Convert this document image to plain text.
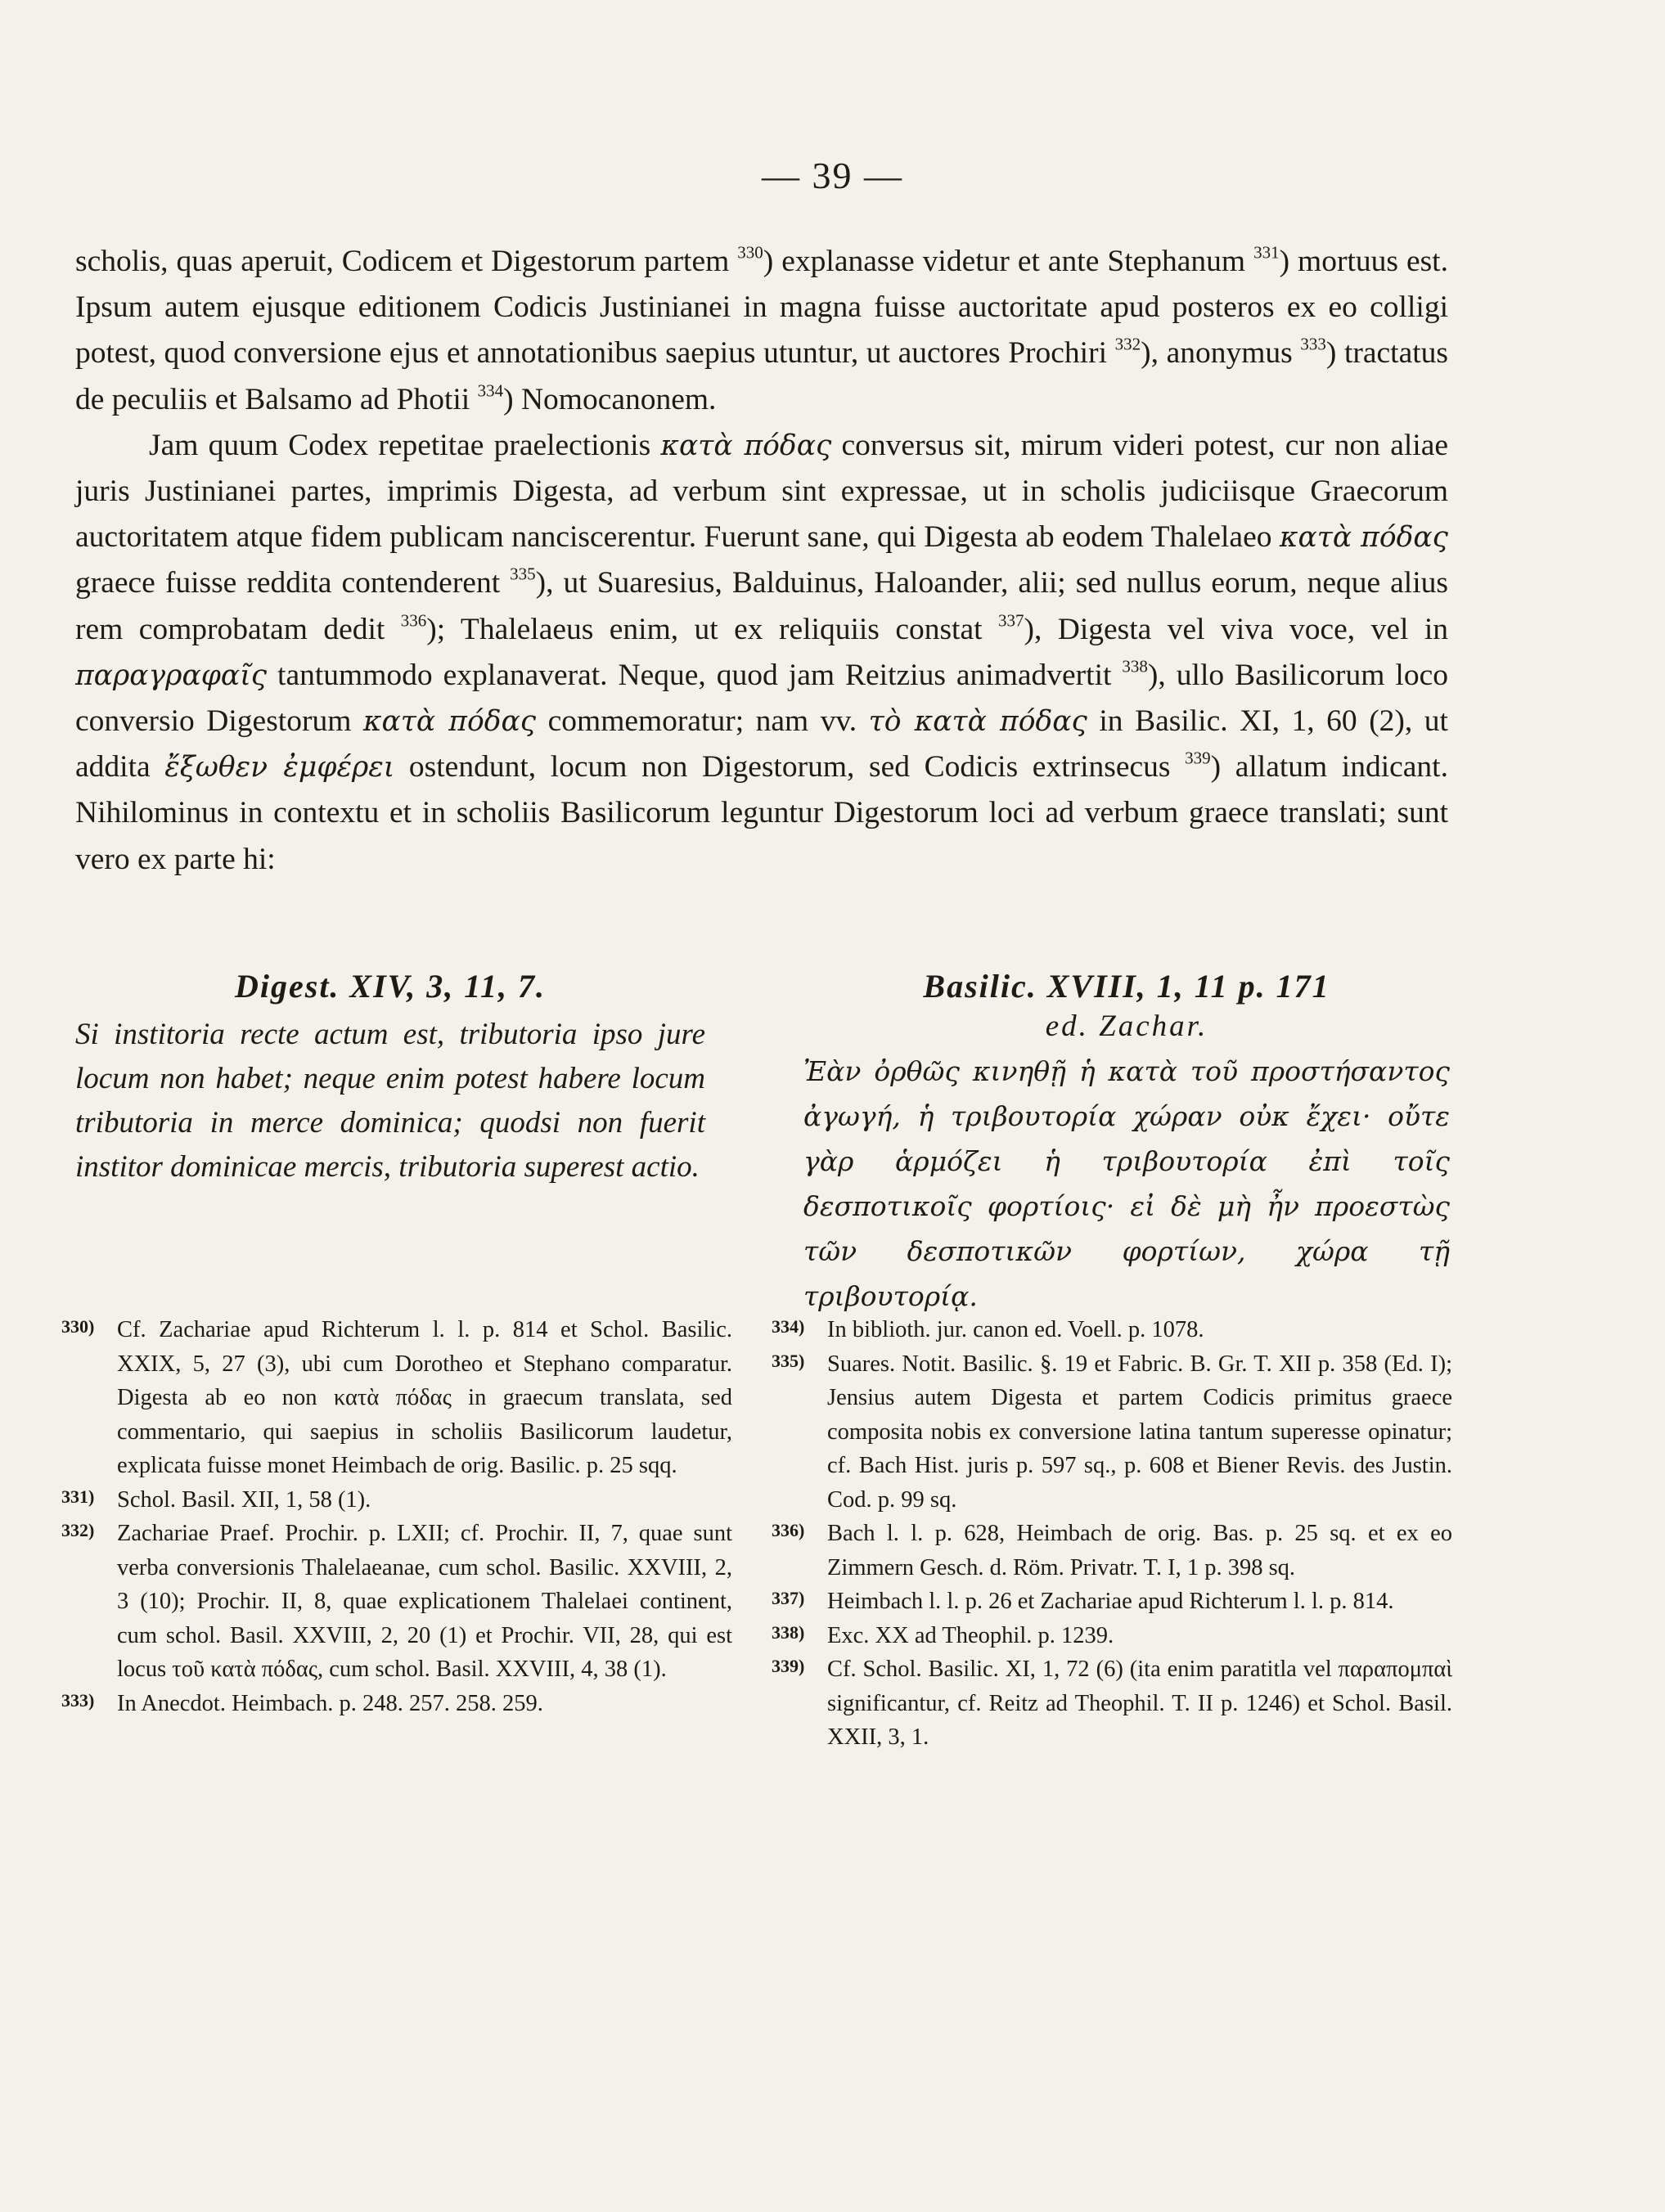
— 39 —

scholis, quas aperuit, Codicem et Digestorum partem $^{330}$) explanasse videtur et ante Stephanum $^{331}$) mortuus est. Ipsum autem ejusque editionem Codicis Justinianei in magna fuisse auctoritate apud posteros ex eo colligi potest, quod conversione ejus et annotationibus saepius utuntur, ut auctores Prochiri $^{332}$), anonymus $^{333}$) tractatus de peculiis et Balsamo ad Photii $^{334}$) Nomocanonem.

Jam quum Codex repetitae praelectionis κατὰ πόδας conversus sit, mirum videri potest, cur non aliae juris Justinianei partes, imprimis Digesta, ad verbum sint expressae, ut in scholis judiciisque Graecorum auctoritatem atque fidem publicam nanciscerentur. Fuerunt sane, qui Digesta ab eodem Thalelaeo κατὰ πόδας graece fuisse reddita contenderent $^{335}$), ut Suaresius, Balduinus, Haloander, alii; sed nullus eorum, neque alius rem comprobatam dedit $^{336}$); Thalelaeus enim, ut ex reliquiis constat $^{337}$), Digesta vel viva voce, vel in παραγραφαῖς tantummodo explanaverat. Neque, quod jam Reitzius animadvertit $^{338}$), ullo Basilicorum loco conversio Digestorum κατὰ πόδας commemoratur; nam vv. τὸ κατὰ πόδας in Basilic. XI, 1, 60 (2), ut addita ἔξωθεν ἐμφέρει ostendunt, locum non Digestorum, sed Codicis extrinsecus $^{339}$) allatum indicant. Nihilominus in contextu et in scholiis Basilicorum leguntur Digestorum loci ad verbum graece translati; sunt vero ex parte hi:

Digest. XIV, 3, 11, 7.
Si institoria recte actum est, tributoria ipso jure locum non habet; neque enim potest habere locum tributoria in merce dominica; quodsi non fuerit institor dominicae mercis, tributoria superest actio.
Basilic. XVIII, 1, 11 p. 171
ed. Zachar.
Ἐὰν ὀρθῶς κινηθῇ ἡ κατὰ τοῦ προστήσαντος ἀγωγή, ἡ τριβουτορία χώραν οὐκ ἔχει· οὔτε γὰρ ἁρμόζει ἡ τριβουτορία ἐπὶ τοῖς δεσποτικοῖς φορτίοις· εἰ δὲ μὴ ἦν προεστὼς τῶν δεσποτικῶν φορτίων, χώρα τῇ τριβουτορίᾳ.
330) Cf. Zachariae apud Richterum l. l. p. 814 et Schol. Basilic. XXIX, 5, 27 (3), ubi cum Dorotheo et Stephano comparatur. Digesta ab eo non κατὰ πόδας in graecum translata, sed commentario, qui saepius in scholiis Basilicorum laudetur, explicata fuisse monet Heimbach de orig. Basilic. p. 25 sqq.
331) Schol. Basil. XII, 1, 58 (1).
332) Zachariae Praef. Prochir. p. LXII; cf. Prochir. II, 7, quae sunt verba conversionis Thalelaeanae, cum schol. Basilic. XXVIII, 2, 3 (10); Prochir. II, 8, quae explicationem Thalelaei continent, cum schol. Basil. XXVIII, 2, 20 (1) et Prochir. VII, 28, qui est locus τοῦ κατὰ πόδας, cum schol. Basil. XXVIII, 4, 38 (1).
333) In Anecdot. Heimbach. p. 248. 257. 258. 259.
334) In biblioth. jur. canon ed. Voell. p. 1078.
335) Suares. Notit. Basilic. §. 19 et Fabric. B. Gr. T. XII p. 358 (Ed. I); Jensius autem Digesta et partem Codicis primitus graece composita nobis ex conversione latina tantum superesse opinatur; cf. Bach Hist. juris p. 597 sq., p. 608 et Biener Revis. des Justin. Cod. p. 99 sq.
336) Bach l. l. p. 628, Heimbach de orig. Bas. p. 25 sq. et ex eo Zimmern Gesch. d. Röm. Privatr. T. I, 1 p. 398 sq.
337) Heimbach l. l. p. 26 et Zachariae apud Richterum l. l. p. 814.
338) Exc. XX ad Theophil. p. 1239.
339) Cf. Schol. Basilic. XI, 1, 72 (6) (ita enim paratitla vel παραπομπαὶ significantur, cf. Reitz ad Theophil. T. II p. 1246) et Schol. Basil. XXII, 3, 1.
